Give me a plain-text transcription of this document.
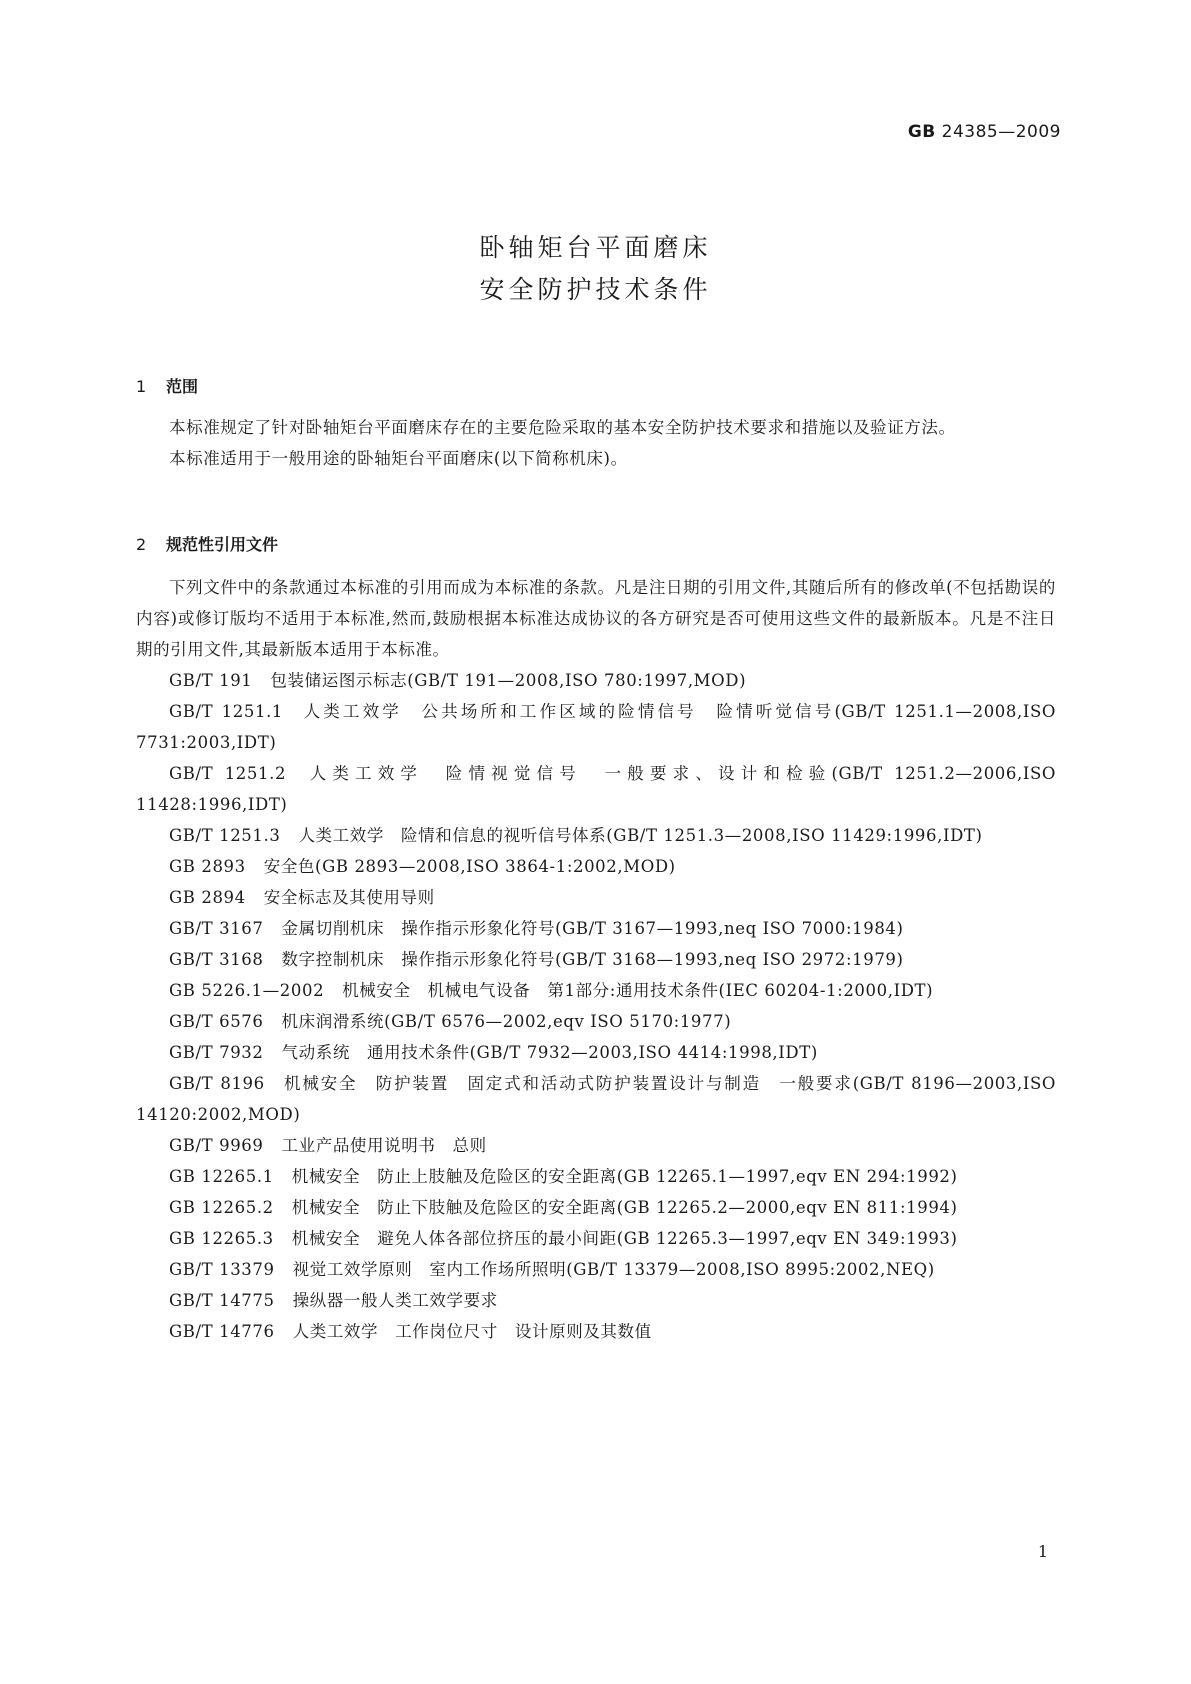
GB 24385—2009
卧轴矩台平面磨床
安全防护技术条件
1 范围

本标准规定了针对卧轴矩台平面磨床存在的主要危险采取的基本安全防护技术要求和措施以及验证方法。

本标准适用于一般用途的卧轴矩台平面磨床(以下简称机床)。

2 规范性引用文件

下列文件中的条款通过本标准的引用而成为本标准的条款。凡是注日期的引用文件,其随后所有的修改单(不包括勘误的内容)或修订版均不适用于本标准,然而,鼓励根据本标准达成协议的各方研究是否可使用这些文件的最新版本。凡是不注日期的引用文件,其最新版本适用于本标准。

GB/T 191 包装储运图示标志(GB/T 191—2008,ISO 780:1997,MOD)
GB/T 1251.1 人类工效学　公共场所和工作区域的险情信号　险情听觉信号(GB/T 1251.1—2008,ISO 7731:2003,IDT)
GB/T 1251.2 人类工效学　险情视觉信号　一般要求、设计和检验(GB/T 1251.2—2006,ISO 11428:1996,IDT)
GB/T 1251.3 人类工效学　险情和信息的视听信号体系(GB/T 1251.3—2008,ISO 11429:1996,IDT)
GB 2893 安全色(GB 2893—2008,ISO 3864-1:2002,MOD)
GB 2894 安全标志及其使用导则
GB/T 3167 金属切削机床　操作指示形象化符号(GB/T 3167—1993,neq ISO 7000:1984)
GB/T 3168 数字控制机床　操作指示形象化符号(GB/T 3168—1993,neq ISO 2972:1979)
GB 5226.1—2002 机械安全　机械电气设备　第1部分:通用技术条件(IEC 60204-1:2000,IDT)
GB/T 6576 机床润滑系统(GB/T 6576—2002,eqv ISO 5170:1977)
GB/T 7932 气动系统　通用技术条件(GB/T 7932—2003,ISO 4414:1998,IDT)
GB/T 8196 机械安全　防护装置　固定式和活动式防护装置设计与制造　一般要求(GB/T 8196—2003,ISO 14120:2002,MOD)
GB/T 9969 工业产品使用说明书　总则
GB 12265.1 机械安全　防止上肢触及危险区的安全距离(GB 12265.1—1997,eqv EN 294:1992)
GB 12265.2 机械安全　防止下肢触及危险区的安全距离(GB 12265.2—2000,eqv EN 811:1994)
GB 12265.3 机械安全　避免人体各部位挤压的最小间距(GB 12265.3—1997,eqv EN 349:1993)
GB/T 13379 视觉工效学原则　室内工作场所照明(GB/T 13379—2008,ISO 8995:2002,NEQ)
GB/T 14775 操纵器一般人类工效学要求
GB/T 14776 人类工效学　工作岗位尺寸　设计原则及其数值
1
